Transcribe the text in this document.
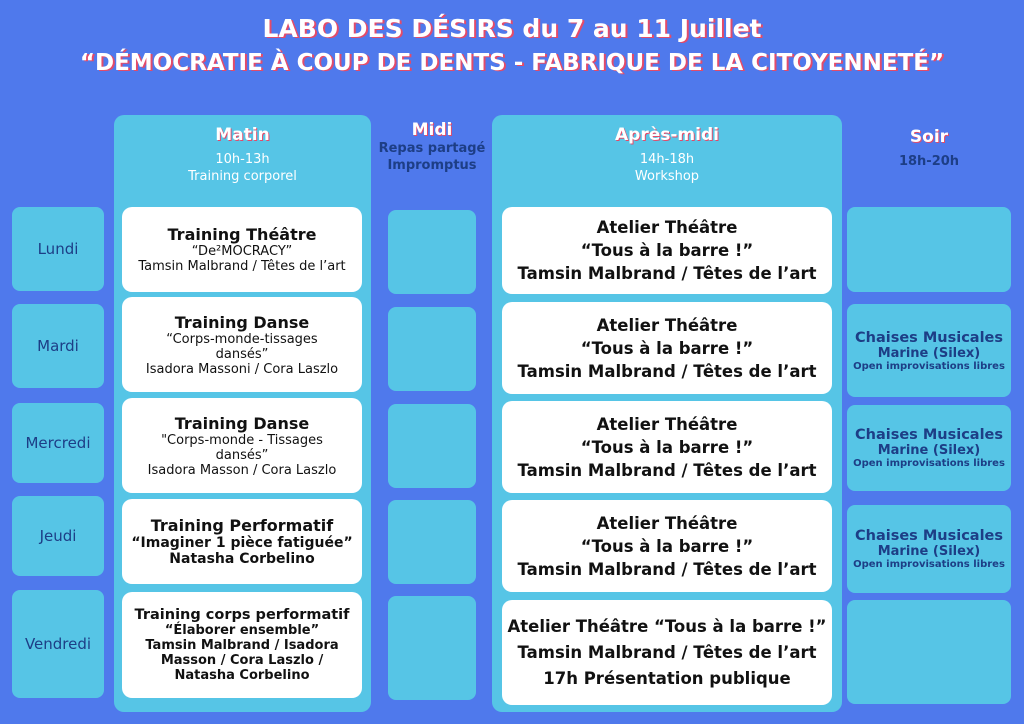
LABO DES DÉSIRS du 7 au 11 Juillet
“DÉMOCRATIE À COUP DE DENTS - FABRIQUE DE LA CITOYENNETÉ”
Matin
10h-13h
Training corporel
Midi
Repas partagé
Impromptus
Après-midi
14h-18h
Workshop
Soir
18h-20h
Lundi
Mardi
Mercredi
Jeudi
Vendredi
Training Théâtre
“De²MOCRACY”
Tamsin Malbrand / Têtes de l’art
Training Danse
“Corps-monde-tissages
dansés”
Isadora Massoni / Cora Laszlo
Training Danse
"Corps-monde - Tissages
dansés”
Isadora Masson / Cora Laszlo
Training Performatif
“Imaginer 1 pièce fatiguée”
Natasha Corbelino
Training corps performatif
“Élaborer ensemble”
Tamsin Malbrand / Isadora
Masson / Cora Laszlo /
Natasha Corbelino
Atelier Théâtre
“Tous à la barre !”
Tamsin Malbrand / Têtes de l’art
Atelier Théâtre
“Tous à la barre !”
Tamsin Malbrand / Têtes de l’art
Atelier Théâtre
“Tous à la barre !”
Tamsin Malbrand / Têtes de l’art
Atelier Théâtre
“Tous à la barre !”
Tamsin Malbrand / Têtes de l’art
Atelier Théâtre “Tous à la barre !”
Tamsin Malbrand / Têtes de l’art
17h Présentation publique
Chaises Musicales
Marine (Silex)
Open improvisations libres
Chaises Musicales
Marine (Silex)
Open improvisations libres
Chaises Musicales
Marine (Silex)
Open improvisations libres
